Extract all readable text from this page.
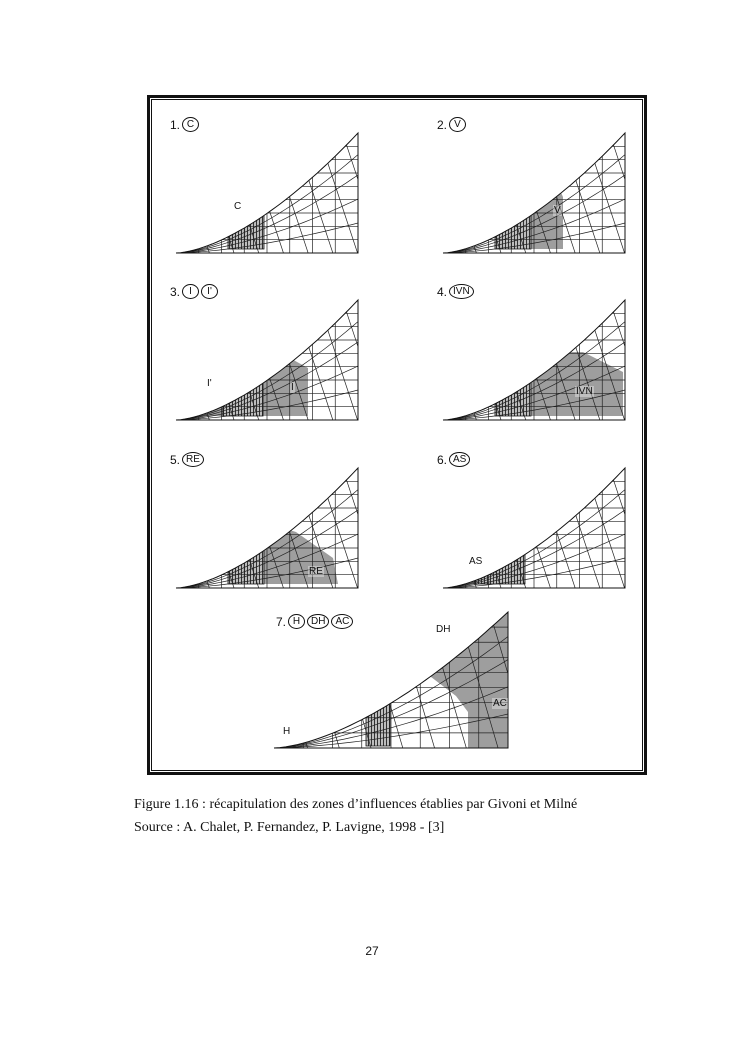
1. C
C
2. V
V
3. I	I'
I'	I
4. IVN
IVN
5. RE
RE
6. AS
AS
7. H	DH	AC
DH
AC
H
Figure 1.16 : récapitulation des zones d’influences établies par Givoni et Milné
Source : A. Chalet, P. Fernandez, P. Lavigne, 1998 - [3]
27
